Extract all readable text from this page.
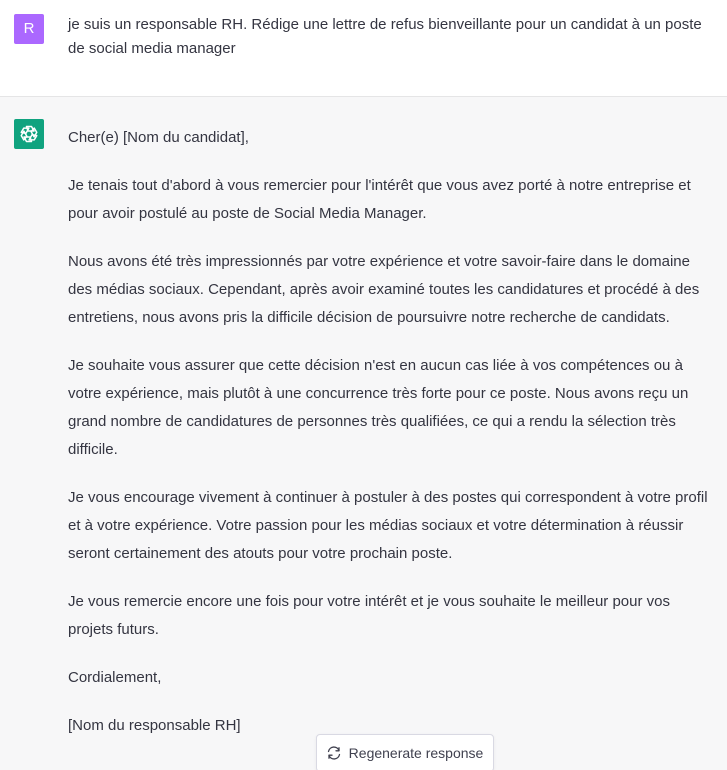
R	je suis un responsable RH. Rédige une lettre de refus bienveillante pour un candidat à un poste de social media manager

Cher(e) [Nom du candidat],

Je tenais tout d'abord à vous remercier pour l'intérêt que vous avez porté à notre entreprise et pour avoir postulé au poste de Social Media Manager.

Nous avons été très impressionnés par votre expérience et votre savoir-faire dans le domaine des médias sociaux. Cependant, après avoir examiné toutes les candidatures et procédé à des entretiens, nous avons pris la difficile décision de poursuivre notre recherche de candidats.

Je souhaite vous assurer que cette décision n'est en aucun cas liée à vos compétences ou à votre expérience, mais plutôt à une concurrence très forte pour ce poste. Nous avons reçu un grand nombre de candidatures de personnes très qualifiées, ce qui a rendu la sélection très difficile.

Je vous encourage vivement à continuer à postuler à des postes qui correspondent à votre profil et à votre expérience. Votre passion pour les médias sociaux et votre détermination à réussir seront certainement des atouts pour votre prochain poste.

Je vous remercie encore une fois pour votre intérêt et je vous souhaite le meilleur pour vos projets futurs.

Cordialement,

[Nom du responsable RH]

Regenerate response
